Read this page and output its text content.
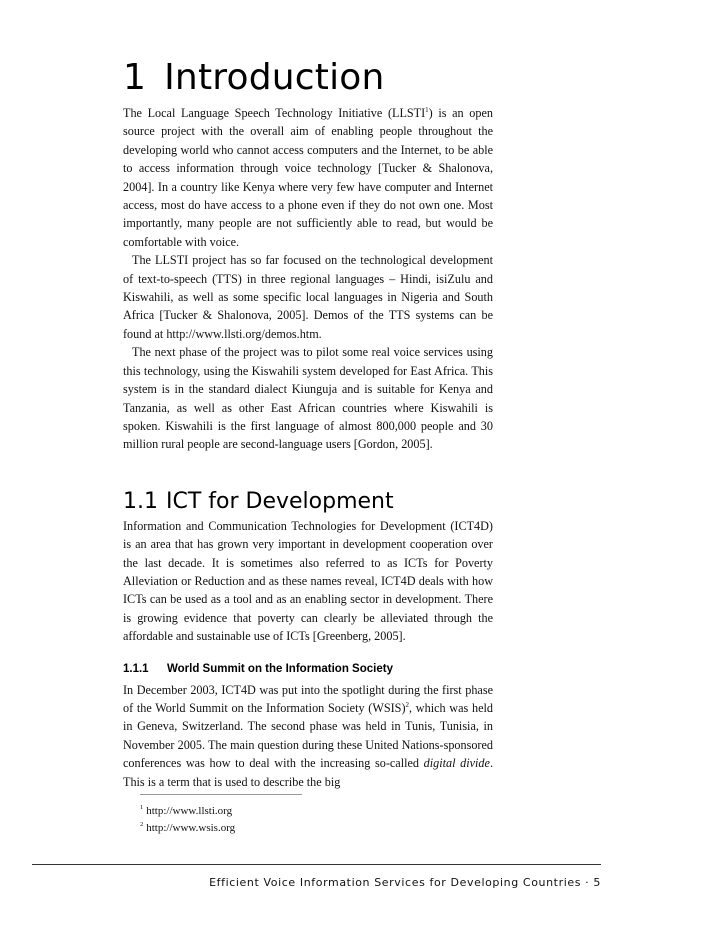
1 Introduction

The Local Language Speech Technology Initiative (LLSTI$^1$) is an open source project with the overall aim of enabling people throughout the developing world who cannot access computers and the Internet, to be able to access information through voice technology [Tucker & Shalonova, 2004]. In a country like Kenya where very few have computer and Internet access, most do have access to a phone even if they do not own one. Most importantly, many people are not sufficiently able to read, but would be comfortable with voice.

The LLSTI project has so far focused on the technological development of text-to-speech (TTS) in three regional languages – Hindi, isiZulu and Kiswahili, as well as some specific local languages in Nigeria and South Africa [Tucker & Shalonova, 2005]. Demos of the TTS systems can be found at http://www.llsti.org/demos.htm.

The next phase of the project was to pilot some real voice services using this technology, using the Kiswahili system developed for East Africa. This system is in the standard dialect Kiunguja and is suitable for Kenya and Tanzania, as well as other East African countries where Kiswahili is spoken. Kiswahili is the first language of almost 800,000 people and 30 million rural people are second-language users [Gordon, 2005].

1.1 ICT for Development

Information and Communication Technologies for Development (ICT4D) is an area that has grown very important in development cooperation over the last decade. It is sometimes also referred to as ICTs for Poverty Alleviation or Reduction and as these names reveal, ICT4D deals with how ICTs can be used as a tool and as an enabling sector in development. There is growing evidence that poverty can clearly be alleviated through the affordable and sustainable use of ICTs [Greenberg, 2005].

1.1.1 World Summit on the Information Society

In December 2003, ICT4D was put into the spotlight during the first phase of the World Summit on the Information Society (WSIS)$^2$, which was held in Geneva, Switzerland. The second phase was held in Tunis, Tunisia, in November 2005. The main question during these United Nations-sponsored conferences was how to deal with the increasing so-called digital divide. This is a term that is used to describe the big

$^1$ http://www.llsti.org
$^2$ http://www.wsis.org
Efficient Voice Information Services for Developing Countries · 5
